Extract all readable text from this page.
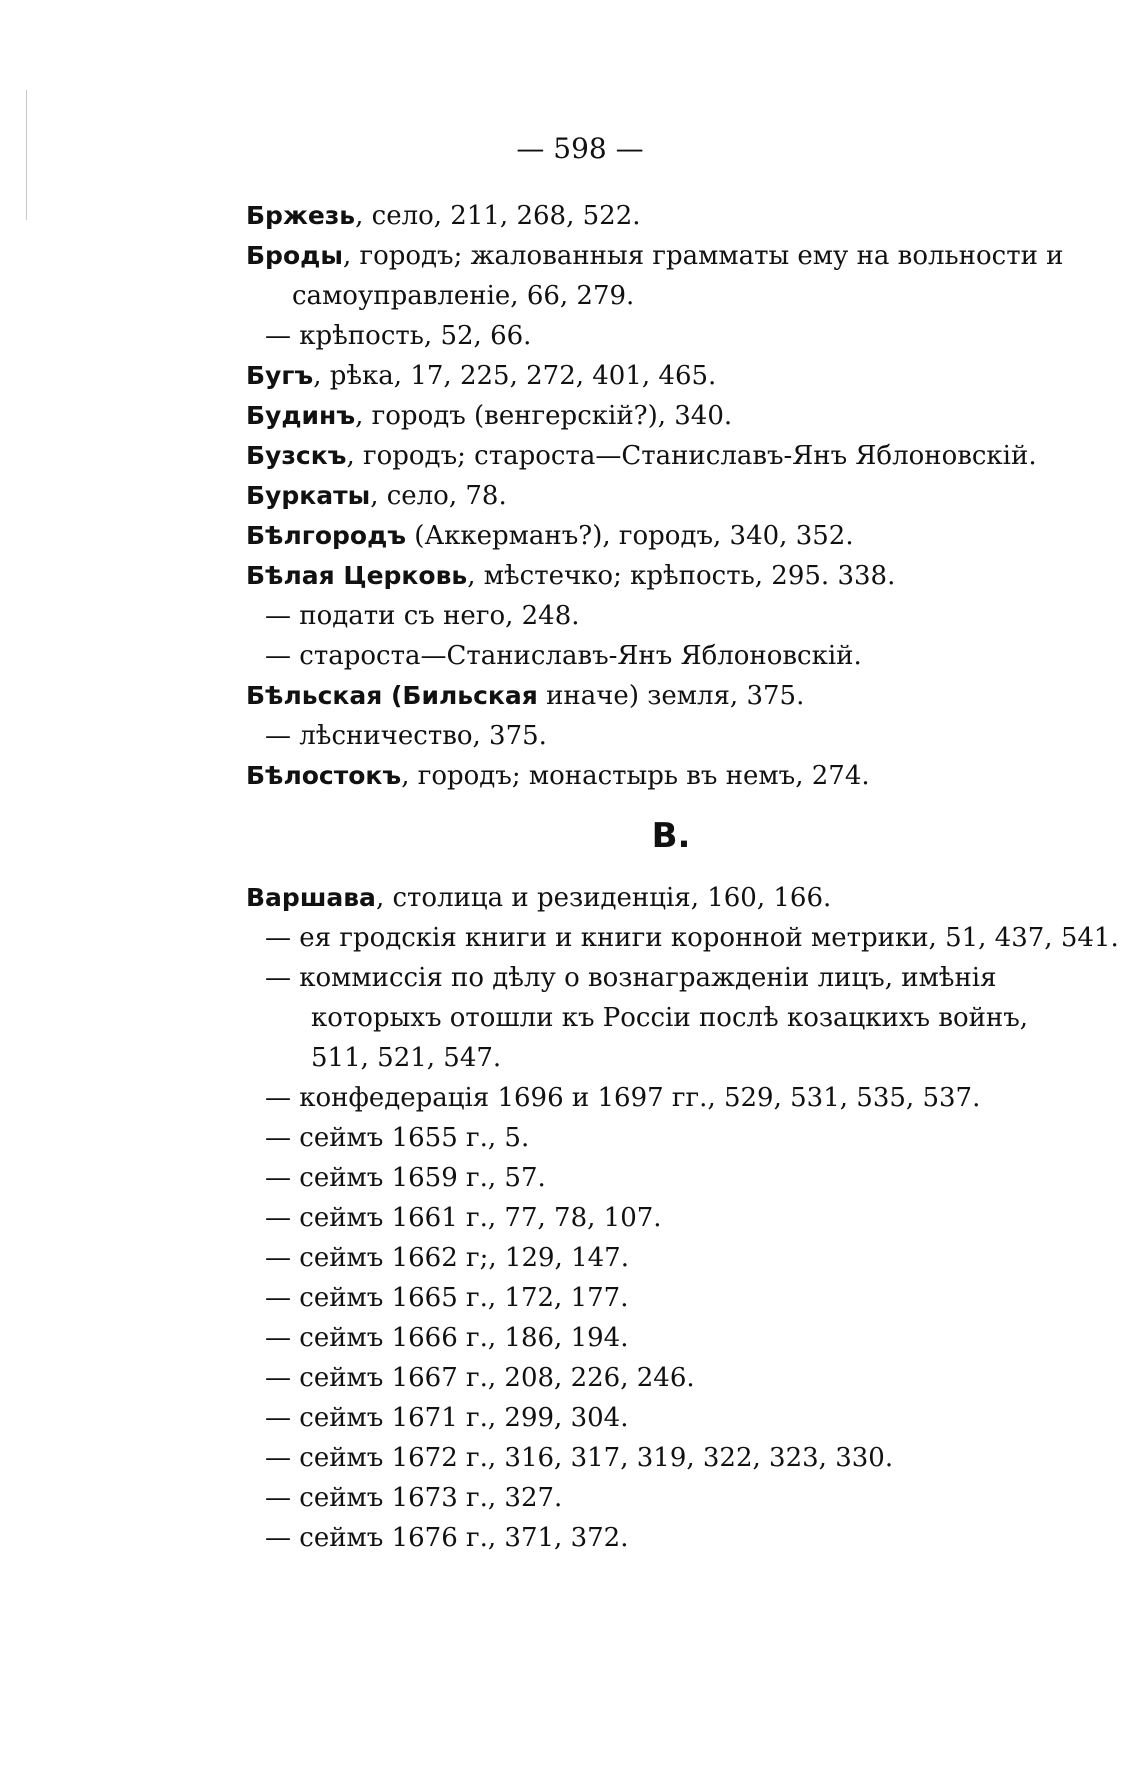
— 598 —

Бржезь, село, 211, 268, 522.

Броды, городъ; жалованныя грамматы ему на вольности и самоуправленіе, 66, 279.

— крѣпость, 52, 66.

Бугъ, рѣка, 17, 225, 272, 401, 465.

Будинъ, городъ (венгерскій?), 340.

Бузскъ, городъ; староста—Станиславъ-Янъ Яблоновскій.

Буркаты, село, 78.

Бѣлгородъ (Аккерманъ?), городъ, 340, 352.

Бѣлая Церковь, мѣстечко; крѣпость, 295. 338.

— подати съ него, 248.

— староста—Станиславъ-Янъ Яблоновскій.

Бѣльская (Бильская иначе) земля, 375.

— лѣсничество, 375.

Бѣлостокъ, городъ; монастырь въ немъ, 274.

В.

Варшава, столица и резиденція, 160, 166.

— ея гродскія книги и книги коронной метрики, 51, 437, 541.

— коммиссія по дѣлу о вознагражденіи лицъ, имѣнія которыхъ отошли къ Россіи послѣ козацкихъ войнъ, 511, 521, 547.

— конфедерація 1696 и 1697 гг., 529, 531, 535, 537.

— сеймъ 1655 г., 5.

— сеймъ 1659 г., 57.

— сеймъ 1661 г., 77, 78, 107.

— сеймъ 1662 г;, 129, 147.

— сеймъ 1665 г., 172, 177.

— сеймъ 1666 г., 186, 194.

— сеймъ 1667 г., 208, 226, 246.

— сеймъ 1671 г., 299, 304.

— сеймъ 1672 г., 316, 317, 319, 322, 323, 330.

— сеймъ 1673 г., 327.

— сеймъ 1676 г., 371, 372.
